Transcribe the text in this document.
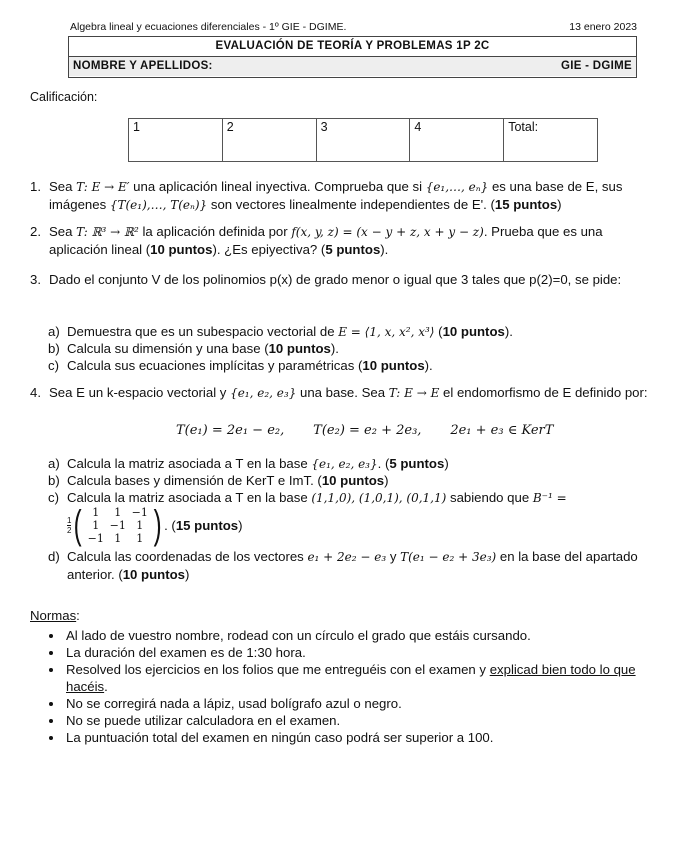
Algebra lineal y ecuaciones diferenciales - 1º GIE - DGIME.	13 enero 2023
EVALUACIÓN DE TEORÍA Y PROBLEMAS 1P 2C
NOMBRE Y APELLIDOS:	GIE - DGIME
Calificación:
1	2	3	4	Total:
1. Sea T: E → E′ una aplicación lineal inyectiva. Comprueba que si {e₁,…, eₙ} es una base de E, sus imágenes {T(e₁),…, T(eₙ)} son vectores linealmente independientes de E'. (15 puntos)
2. Sea T: ℝ³ → ℝ² la aplicación definida por f(x, y, z) = (x − y + z, x + y − z). Prueba que es una aplicación lineal (10 puntos). ¿Es epiyectiva? (5 puntos).
3. Dado el conjunto V de los polinomios p(x) de grado menor o igual que 3 tales que p(2)=0, se pide:
a) Demuestra que es un subespacio vectorial de E = ⟨1, x, x², x³⟩ (10 puntos).
b) Calcula su dimensión y una base (10 puntos).
c) Calcula sus ecuaciones implícitas y paramétricas (10 puntos).
4. Sea E un k-espacio vectorial y {e₁, e₂, e₃} una base. Sea T: E → E el endomorfismo de E definido por:
T(e₁) = 2e₁ − e₂,       T(e₂) = e₂ + 2e₃,       2e₁ + e₃ ∈ KerT
a) Calcula la matriz asociada a T en la base {e₁, e₂, e₃}. (5 puntos)
b) Calcula bases y dimensión de KerT e ImT. (10 puntos)
c) Calcula la matriz asociada a T en la base (1,1,0), (1,0,1), (0,1,1) sabiendo que B⁻¹ =
$\frac{1}{2}$ ( 1	1 −1
1 −1 1
−1 1	1 ) . ( 15 puntos )
d) Calcula las coordenadas de los vectores e₁ + 2e₂ − e₃ y T(e₁ − e₂ + 3e₃) en la base del apartado anterior. (10 puntos)
Normas:
• Al lado de vuestro nombre, rodead con un círculo el grado que estáis cursando.
• La duración del examen es de 1:30 hora.
• Resolved los ejercicios en los folios que me entreguéis con el examen y explicad bien todo lo que hacéis.
• No se corregirá nada a lápiz, usad bolígrafo azul o negro.
• No se puede utilizar calculadora en el examen.
• La puntuación total del examen en ningún caso podrá ser superior a 100.
